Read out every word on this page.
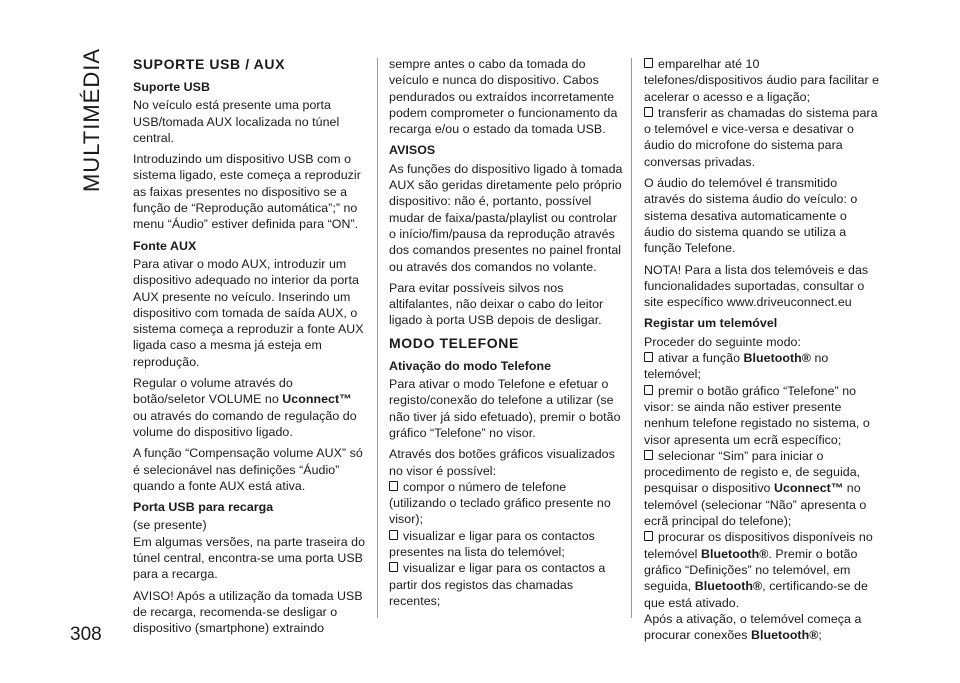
MULTIMÉDIA
308
SUPORTE USB / AUX
Suporte USB

No veículo está presente uma porta USB/tomada AUX localizada no túnel central.

Introduzindo um dispositivo USB com o sistema ligado, este começa a reproduzir as faixas presentes no dispositivo se a função de “Reprodução automática”;” no menu “Áudio” estiver definida para “ON”.

Fonte AUX

Para ativar o modo AUX, introduzir um dispositivo adequado no interior da porta AUX presente no veículo. Inserindo um dispositivo com tomada de saída AUX, o sistema começa a reproduzir a fonte AUX ligada caso a mesma já esteja em reprodução.

Regular o volume através do botão/seletor VOLUME no Uconnect™ ou através do comando de regulação do volume do dispositivo ligado.

A função “Compensação volume AUX” só é selecionável nas definições “Áudio” quando a fonte AUX está ativa.

Porta USB para recarga

(se presente)

Em algumas versões, na parte traseira do túnel central, encontra-se uma porta USB para a recarga.

AVISO! Após a utilização da tomada USB de recarga, recomenda-se desligar o dispositivo (smartphone) extraindo

sempre antes o cabo da tomada do veículo e nunca do dispositivo. Cabos pendurados ou extraídos incorretamente podem comprometer o funcionamento da recarga e/ou o estado da tomada USB.

AVISOS

As funções do dispositivo ligado à tomada AUX são geridas diretamente pelo próprio dispositivo: não é, portanto, possível mudar de faixa/pasta/playlist ou controlar o início/fim/pausa da reprodução através dos comandos presentes no painel frontal ou através dos comandos no volante.

Para evitar possíveis silvos nos altifalantes, não deixar o cabo do leitor ligado à porta USB depois de desligar.

MODO TELEFONE
Ativação do modo Telefone

Para ativar o modo Telefone e efetuar o registo/conexão do telefone a utilizar (se não tiver já sido efetuado), premir o botão gráfico “Telefone” no visor.

Através dos botões gráficos visualizados no visor é possível:

compor o número de telefone (utilizando o teclado gráfico presente no visor);

visualizar e ligar para os contactos presentes na lista do telemóvel;

visualizar e ligar para os contactos a partir dos registos das chamadas recentes;

emparelhar até 10 telefones/dispositivos áudio para facilitar e acelerar o acesso e a ligação;

transferir as chamadas do sistema para o telemóvel e vice-versa e desativar o áudio do microfone do sistema para conversas privadas.

O áudio do telemóvel é transmitido através do sistema áudio do veículo: o sistema desativa automaticamente o áudio do sistema quando se utiliza a função Telefone.

NOTA! Para a lista dos telemóveis e das funcionalidades suportadas, consultar o site específico www.driveuconnect.eu

Registar um telemóvel

Proceder do seguinte modo:

ativar a função Bluetooth® no telemóvel;

premir o botão gráfico “Telefone” no visor: se ainda não estiver presente nenhum telefone registado no sistema, o visor apresenta um ecrã específico;

selecionar “Sim” para iniciar o procedimento de registo e, de seguida, pesquisar o dispositivo Uconnect™ no telemóvel (selecionar “Não” apresenta o ecrã principal do telefone);

procurar os dispositivos disponíveis no telemóvel Bluetooth®. Premir o botão gráfico “Definições” no telemóvel, em seguida, Bluetooth®, certificando-se de que está ativado.

Após a ativação, o telemóvel começa a procurar conexões Bluetooth®;
